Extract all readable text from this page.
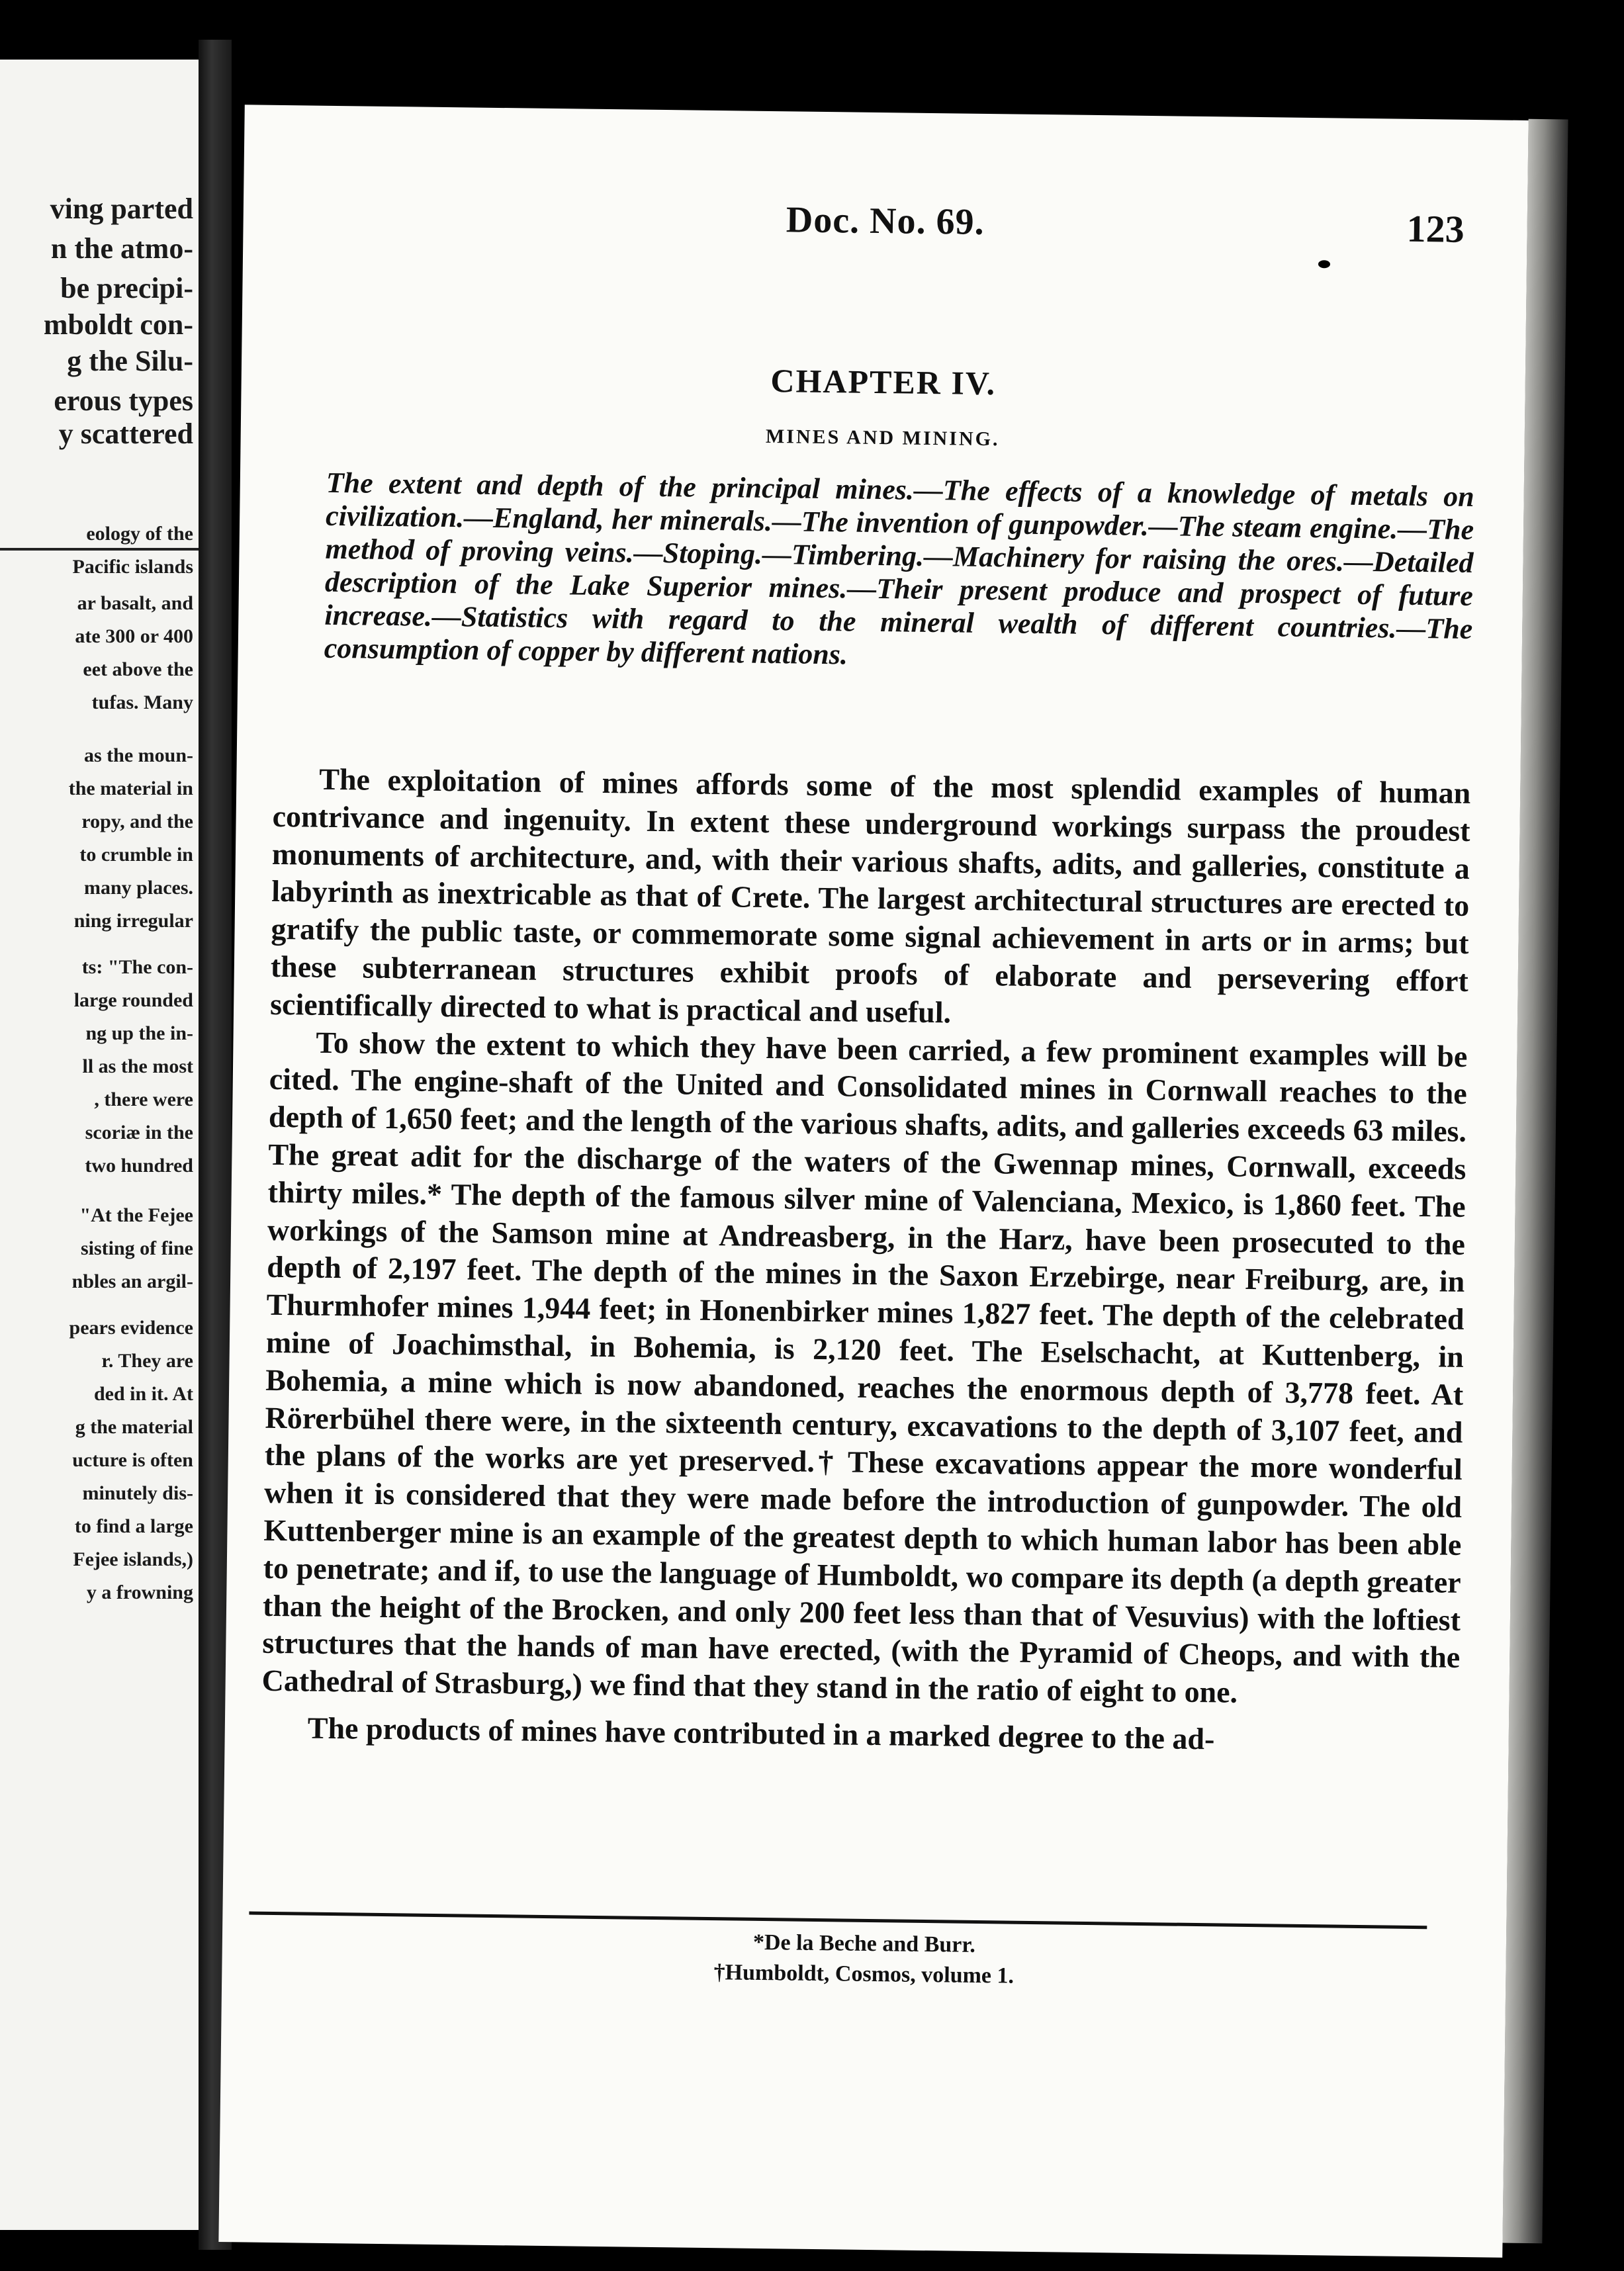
ving parted
n the atmo-
be precipi-
mboldt con-
g the Silu-
erous types
y scattered
eology of the
Pacific islands
ar basalt, and
ate 300 or 400
eet above the
tufas. Many
as the moun-
the material in
ropy, and the
to crumble in
many places.
ning irregular
ts: "The con-
large rounded
ng up the in-
ll as the most
, there were
scoriæ in the
two hundred
"At the Fejee
sisting of fine
nbles an argil-
pears evidence
r. They are
ded in it. At
g the material
ucture is often
minutely dis-
to find a large
Fejee islands,)
y a frowning
Doc. No. 69.	123
CHAPTER IV.
MINES AND MINING.
The extent and depth of the principal mines.—The effects of a knowledge of metals on civilization.—England, her minerals.—The invention of gunpowder.—The steam engine.—The method of proving veins.—Stoping.—Timbering.—Machinery for raising the ores.—Detailed description of the Lake Superior mines.—Their present produce and prospect of future increase.—Statistics with regard to the mineral wealth of different countries.—The consumption of copper by different nations.

The exploitation of mines affords some of the most splendid examples of human contrivance and ingenuity. In extent these underground workings surpass the proudest monuments of architecture, and, with their various shafts, adits, and galleries, constitute a labyrinth as inextricable as that of Crete. The largest architectural structures are erected to gratify the public taste, or commemorate some signal achievement in arts or in arms; but these subterranean structures exhibit proofs of elaborate and persevering effort scientifically directed to what is practical and useful.

To show the extent to which they have been carried, a few prominent examples will be cited. The engine-shaft of the United and Consolidated mines in Cornwall reaches to the depth of 1,650 feet; and the length of the various shafts, adits, and galleries exceeds 63 miles. The great adit for the discharge of the waters of the Gwennap mines, Cornwall, exceeds thirty miles.* The depth of the famous silver mine of Valenciana, Mexico, is 1,860 feet. The workings of the Samson mine at Andreasberg, in the Harz, have been prosecuted to the depth of 2,197 feet. The depth of the mines in the Saxon Erzebirge, near Freiburg, are, in Thurmhofer mines 1,944 feet; in Honenbirker mines 1,827 feet. The depth of the celebrated mine of Joachimsthal, in Bohemia, is 2,120 feet. The Eselschacht, at Kuttenberg, in Bohemia, a mine which is now abandoned, reaches the enormous depth of 3,778 feet. At Rörerbühel there were, in the sixteenth century, excavations to the depth of 3,107 feet, and the plans of the works are yet preserved.† These excavations appear the more wonderful when it is considered that they were made before the introduction of gunpowder. The old Kuttenberger mine is an example of the greatest depth to which human labor has been able to penetrate; and if, to use the language of Humboldt, wo compare its depth (a depth greater than the height of the Brocken, and only 200 feet less than that of Vesuvius) with the loftiest structures that the hands of man have erected, (with the Pyramid of Cheops, and with the Cathedral of Strasburg,) we find that they stand in the ratio of eight to one.

The products of mines have contributed in a marked degree to the ad-

*De la Beche and Burr.
†Humboldt, Cosmos, volume 1.
